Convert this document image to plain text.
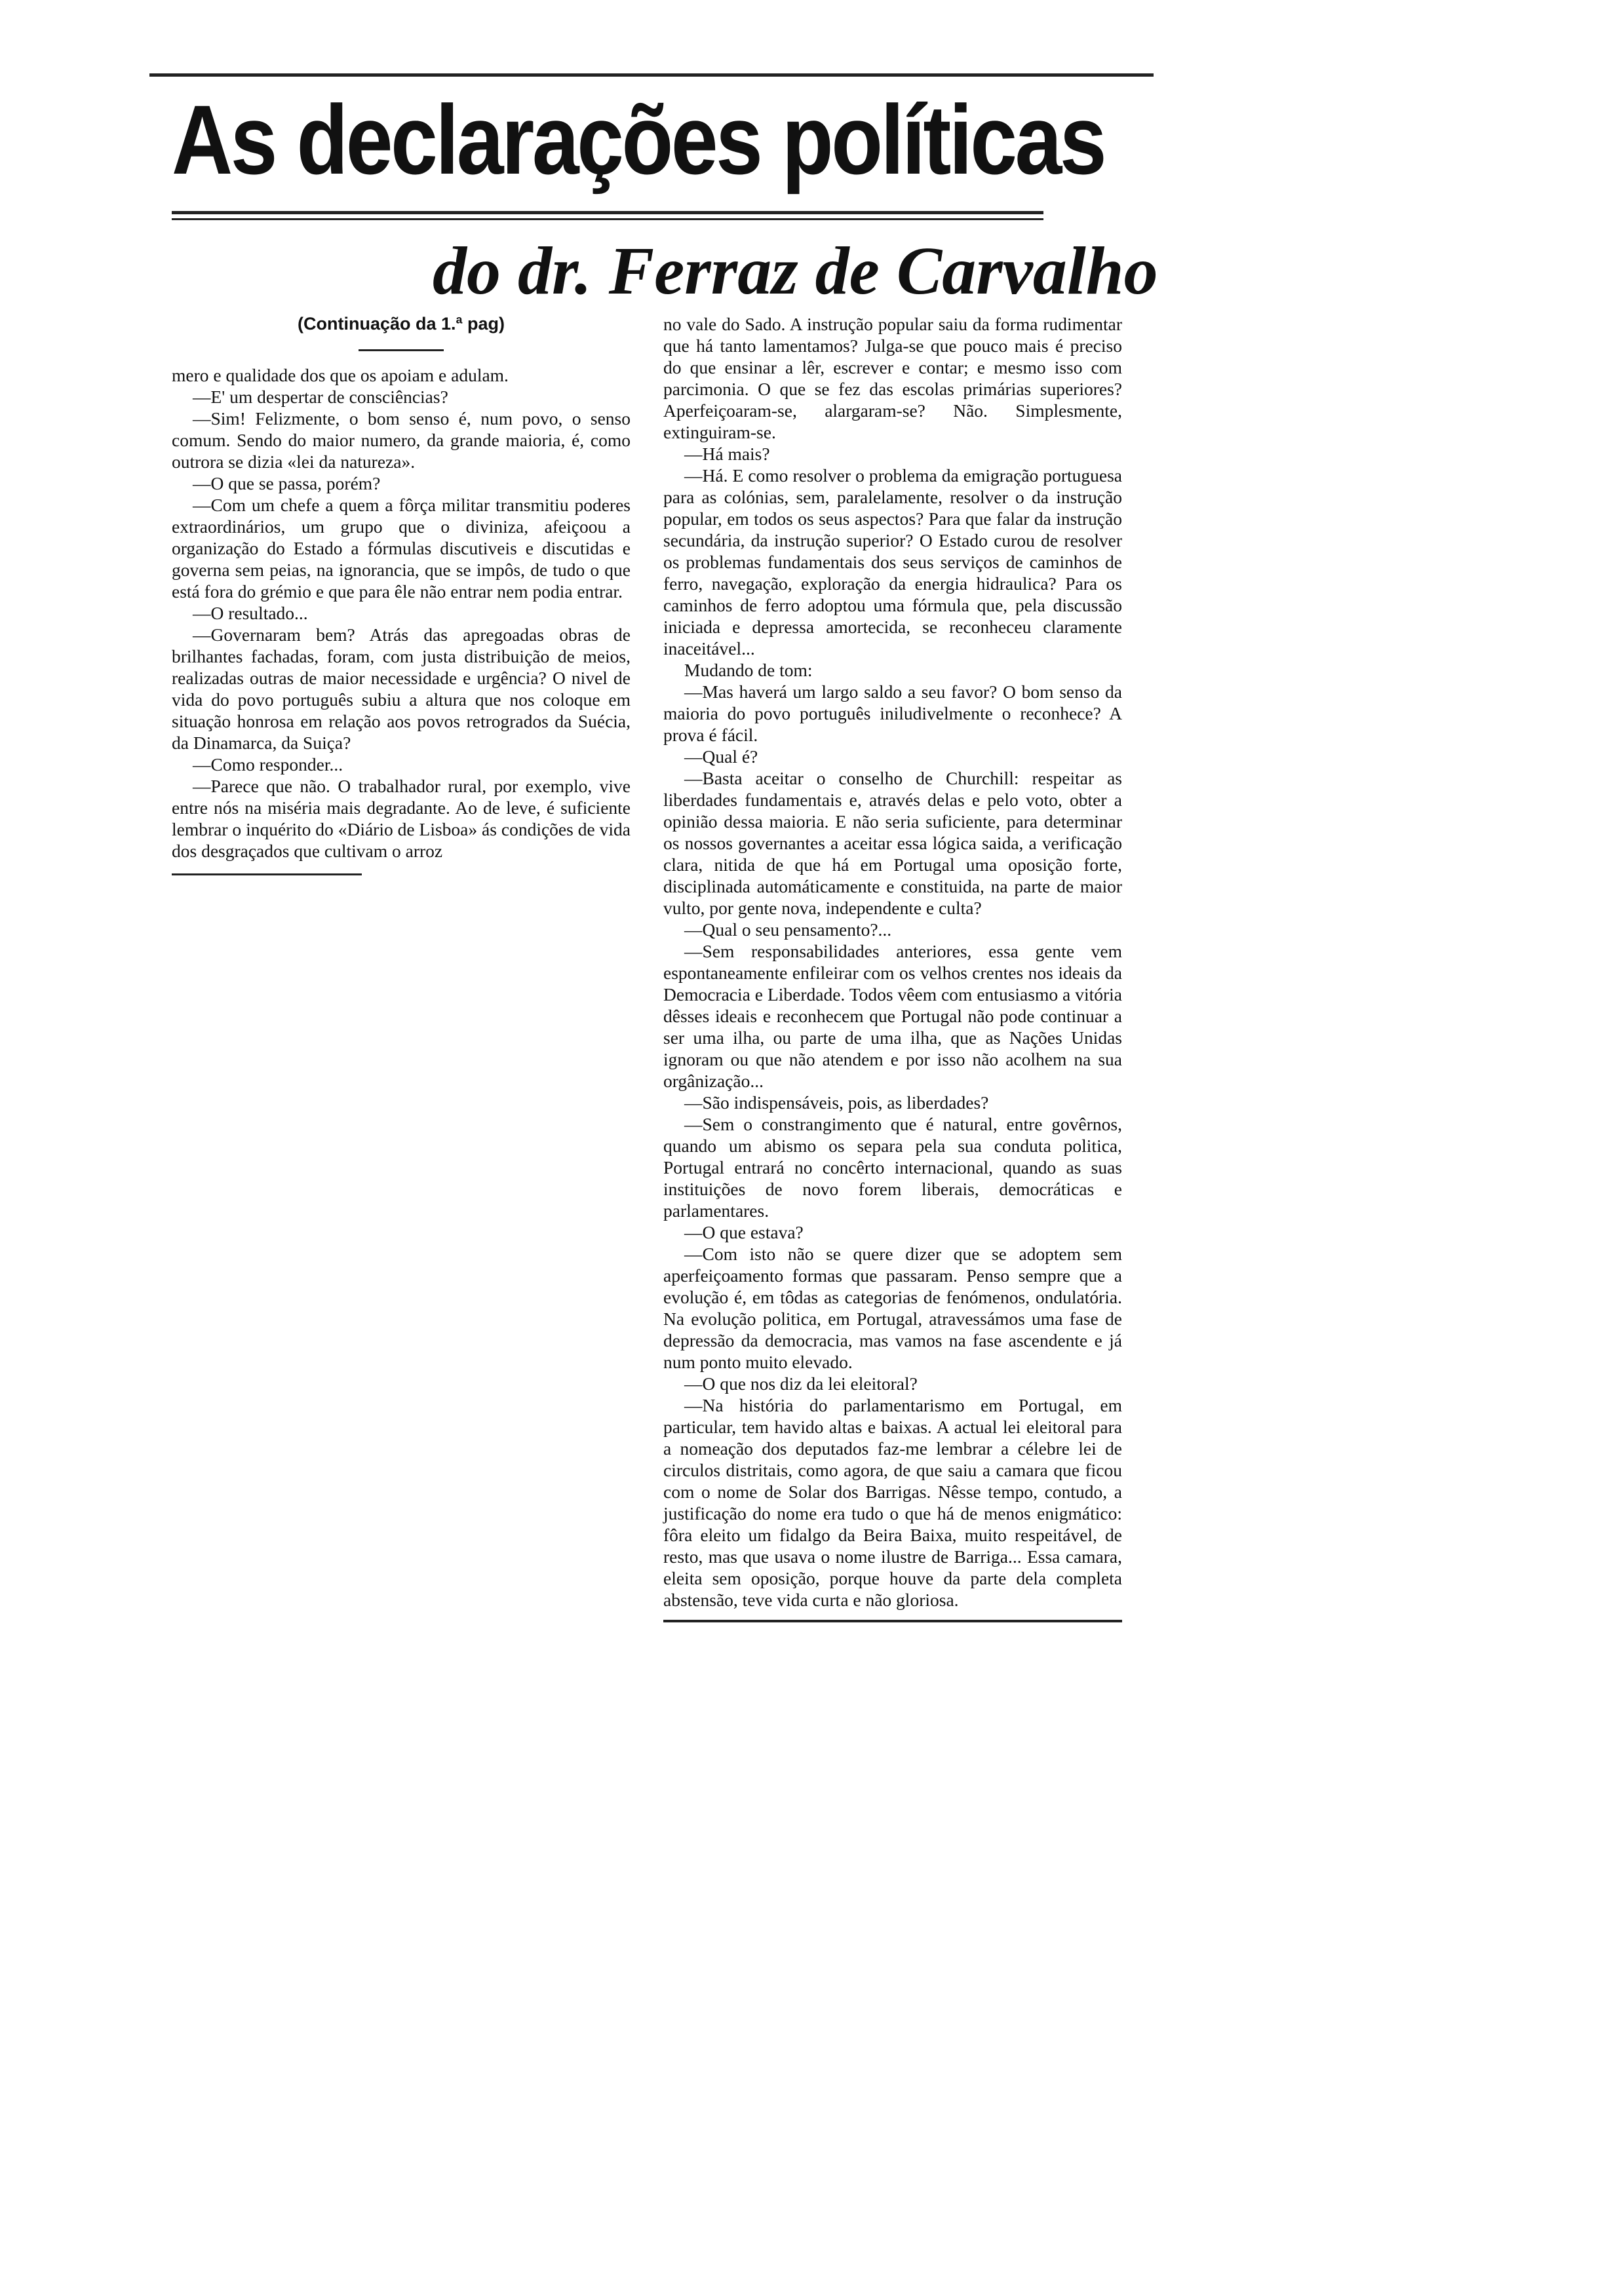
As declarações políticas
do dr. Ferraz de Carvalho
(Continuação da 1.ª pag)

mero e qualidade dos que os apoiam e adulam.

—E' um despertar de consciências?

—Sim! Felizmente, o bom senso é, num povo, o senso comum. Sendo do maior numero, da grande maioria, é, como outrora se dizia «lei da natureza».

—O que se passa, porém?

—Com um chefe a quem a fôrça militar transmitiu poderes extraordinários, um grupo que o diviniza, afeiçoou a organização do Estado a fórmulas discutiveis e discutidas e governa sem peias, na ignorancia, que se impôs, de tudo o que está fora do grémio e que para êle não entrar nem podia entrar.

—O resultado...

—Governaram bem? Atrás das apregoadas obras de brilhantes fachadas, foram, com justa distribuição de meios, realizadas outras de maior necessidade e urgência? O nivel de vida do povo português subiu a altura que nos coloque em situação honrosa em relação aos povos retrogrados da Suécia, da Dinamarca, da Suiça?

—Como responder...

—Parece que não. O trabalhador rural, por exemplo, vive entre nós na miséria mais degradante. Ao de leve, é suficiente lembrar o inquérito do «Diário de Lisboa» ás condições de vida dos desgraçados que cultivam o arroz

no vale do Sado. A instrução popular saiu da forma rudimentar que há tanto lamentamos? Julga-se que pouco mais é preciso do que ensinar a lêr, escrever e contar; e mesmo isso com parcimonia. O que se fez das escolas primárias superiores? Aperfeiçoaram-se, alargaram-se? Não. Simplesmente, extinguiram-se.

—Há mais?

—Há. E como resolver o problema da emigração portuguesa para as colónias, sem, paralelamente, resolver o da instrução popular, em todos os seus aspectos? Para que falar da instrução secundária, da instrução superior? O Estado curou de resolver os problemas fundamentais dos seus serviços de caminhos de ferro, navegação, exploração da energia hidraulica? Para os caminhos de ferro adoptou uma fórmula que, pela discussão iniciada e depressa amortecida, se reconheceu claramente inaceitável...

Mudando de tom:

—Mas haverá um largo saldo a seu favor? O bom senso da maioria do povo português iniludivelmente o reconhece? A prova é fácil.

—Qual é?

—Basta aceitar o conselho de Churchill: respeitar as liberdades fundamentais e, através delas e pelo voto, obter a opinião dessa maioria. E não seria suficiente, para determinar os nossos governantes a aceitar essa lógica saida, a verificação clara, nitida de que há em Portugal uma oposição forte, disciplinada automáticamente e constituida, na parte de maior vulto, por gente nova, independente e culta?

—Qual o seu pensamento?...

—Sem responsabilidades anteriores, essa gente vem espontaneamente enfileirar com os velhos crentes nos ideais da Democracia e Liberdade. Todos vêem com entusiasmo a vitória dêsses ideais e reconhecem que Portugal não pode continuar a ser uma ilha, ou parte de uma ilha, que as Nações Unidas ignoram ou que não atendem e por isso não acolhem na sua orgânização...

—São indispensáveis, pois, as liberdades?

—Sem o constrangimento que é natural, entre govêrnos, quando um abismo os separa pela sua conduta politica, Portugal entrará no concêrto internacional, quando as suas instituições de novo forem liberais, democráticas e parlamentares.

—O que estava?

—Com isto não se quere dizer que se adoptem sem aperfeiçoamento formas que passaram. Penso sempre que a evolução é, em tôdas as categorias de fenómenos, ondulatória. Na evolução politica, em Portugal, atravessámos uma fase de depressão da democracia, mas vamos na fase ascendente e já num ponto muito elevado.

—O que nos diz da lei eleitoral?

—Na história do parlamentarismo em Portugal, em particular, tem havido altas e baixas. A actual lei eleitoral para a nomeação dos deputados faz-me lembrar a célebre lei de circulos distritais, como agora, de que saiu a camara que ficou com o nome de Solar dos Barrigas. Nêsse tempo, contudo, a justificação do nome era tudo o que há de menos enigmático: fôra eleito um fidalgo da Beira Baixa, muito respeitável, de resto, mas que usava o nome ilustre de Barriga... Essa camara, eleita sem oposição, porque houve da parte dela completa abstensão, teve vida curta e não gloriosa.
